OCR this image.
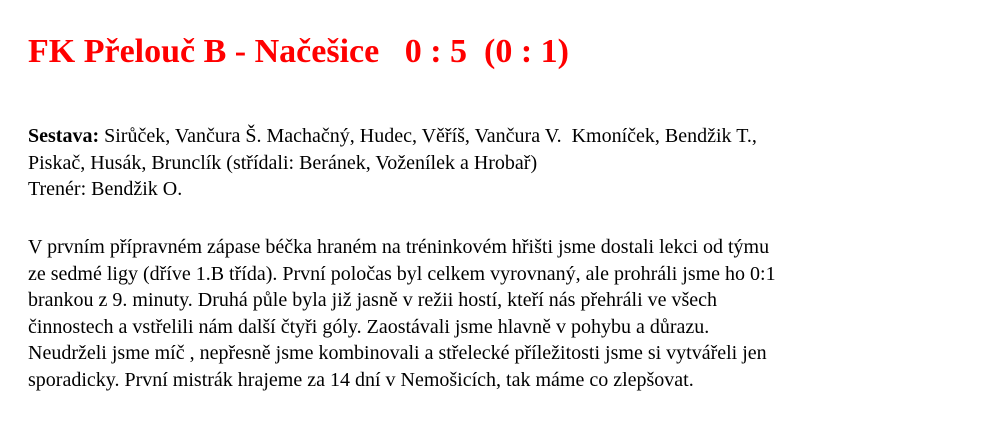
FK Přelouč B - Načešice   0 : 5  (0 : 1)
Sestava: Sirůček, Vančura Š. Machačný, Hudec, Věříš, Vančura V.  Kmoníček, Bendžik T.,
Piskač, Husák, Brunclík (střídali: Beránek, Voženílek a Hrobař)
Trenér: Bendžik O.
V prvním přípravném zápase béčka hraném na tréninkovém hřišti jsme dostali lekci od týmu
ze sedmé ligy (dříve 1.B třída). První poločas byl celkem vyrovnaný, ale prohráli jsme ho 0:1
brankou z 9. minuty. Druhá půle byla již jasně v režii hostí, kteří nás přehráli ve všech
činnostech a vstřelili nám další čtyři góly. Zaostávali jsme hlavně v pohybu a důrazu.
Neudrželi jsme míč , nepřesně jsme kombinovali a střelecké příležitosti jsme si vytvářeli jen
sporadicky. První mistrák hrajeme za 14 dní v Nemošicích, tak máme co zlepšovat.
